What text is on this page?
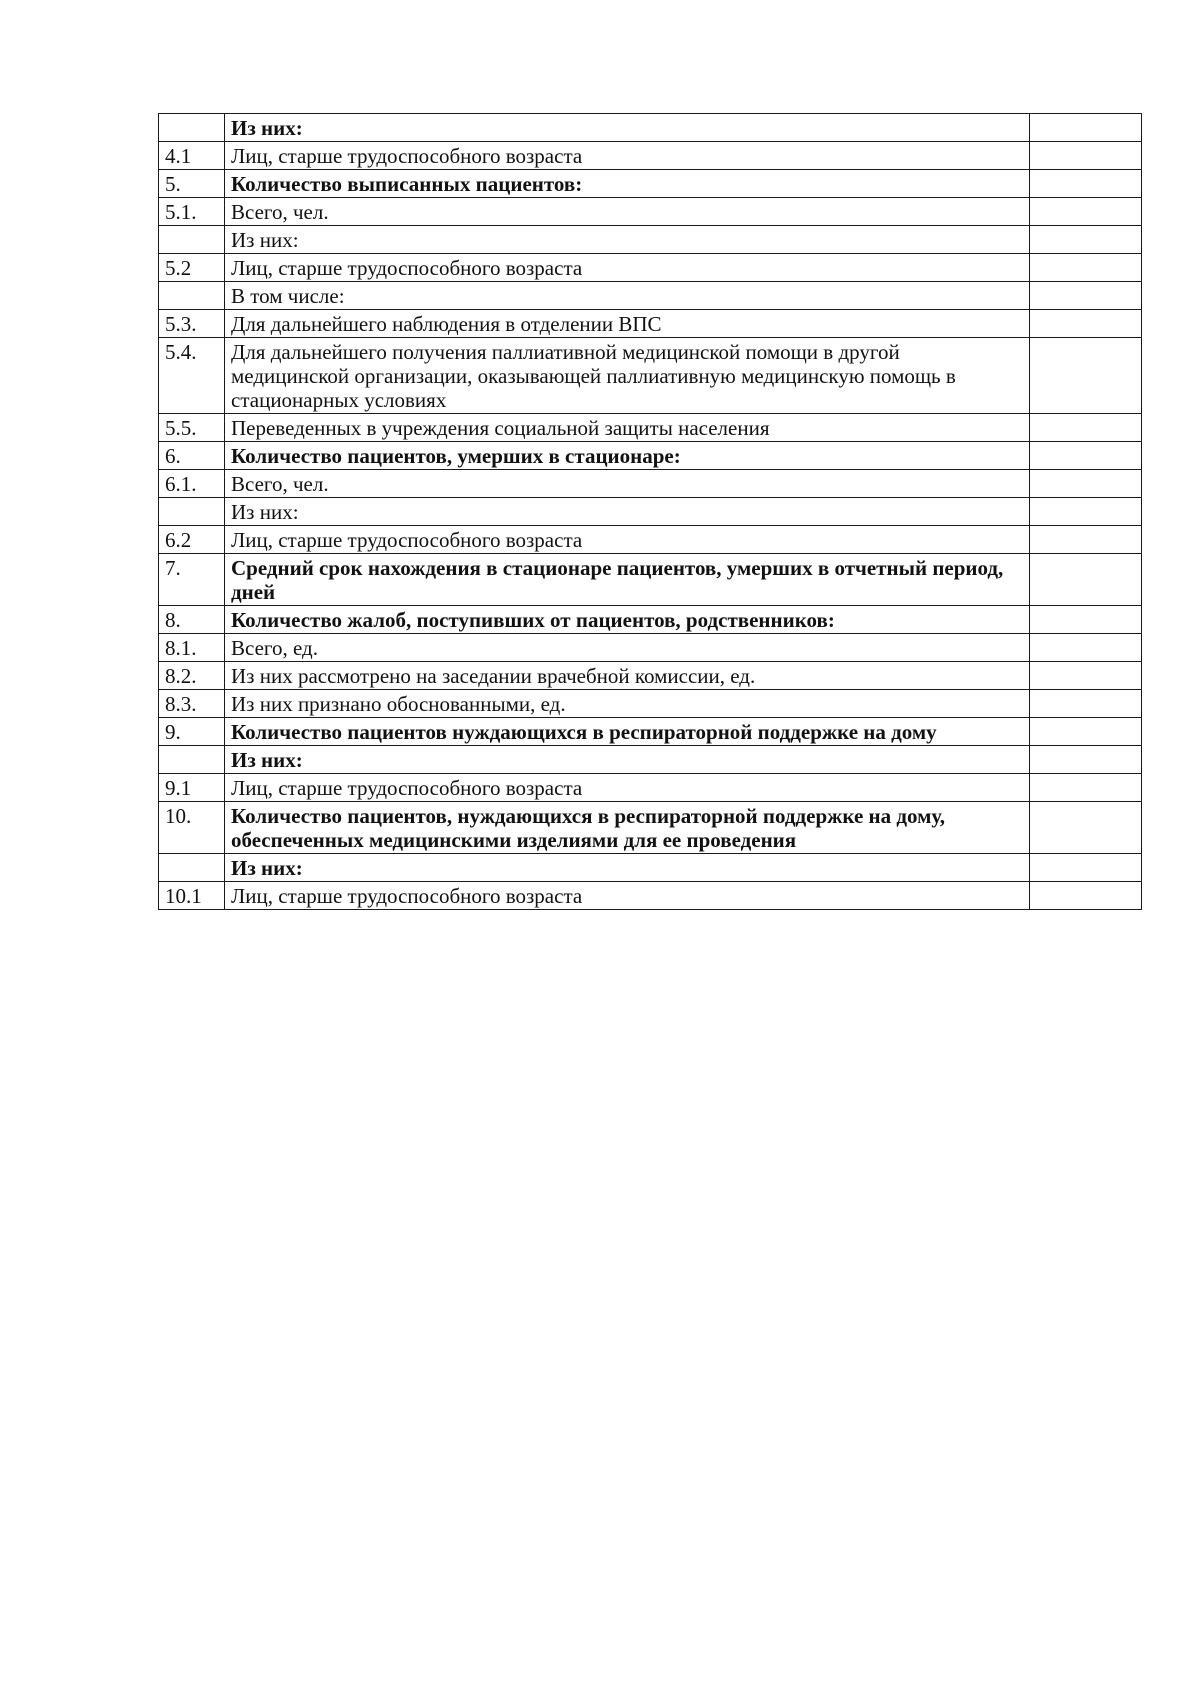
	Из них:	
4.1	Лиц, старше трудоспособного возраста	
5.	Количество выписанных пациентов:	
5.1.	Всего, чел.	
	Из них:	
5.2	Лиц, старше трудоспособного возраста	
	В том числе:	
5.3.	Для дальнейшего наблюдения в отделении ВПС	
5.4.	Для дальнейшего получения паллиативной медицинской помощи в другой медицинской организации, оказывающей паллиативную медицинскую помощь в стационарных условиях	
5.5.	Переведенных в учреждения социальной защиты населения	
6.	Количество пациентов, умерших в стационаре:	
6.1.	Всего, чел.	
	Из них:	
6.2	Лиц, старше трудоспособного возраста	
7.	Средний срок нахождения в стационаре пациентов, умерших в отчетный период, дней	
8.	Количество жалоб, поступивших от пациентов, родственников:	
8.1.	Всего, ед.	
8.2.	Из них рассмотрено на заседании врачебной комиссии, ед.	
8.3.	Из них признано обоснованными, ед.	
9.	Количество пациентов нуждающихся в респираторной поддержке на дому	
	Из них:	
9.1	Лиц, старше трудоспособного возраста	
10.	Количество пациентов, нуждающихся в респираторной поддержке на дому, обеспеченных медицинскими изделиями для ее проведения	
	Из них:	
10.1	Лиц, старше трудоспособного возраста	
